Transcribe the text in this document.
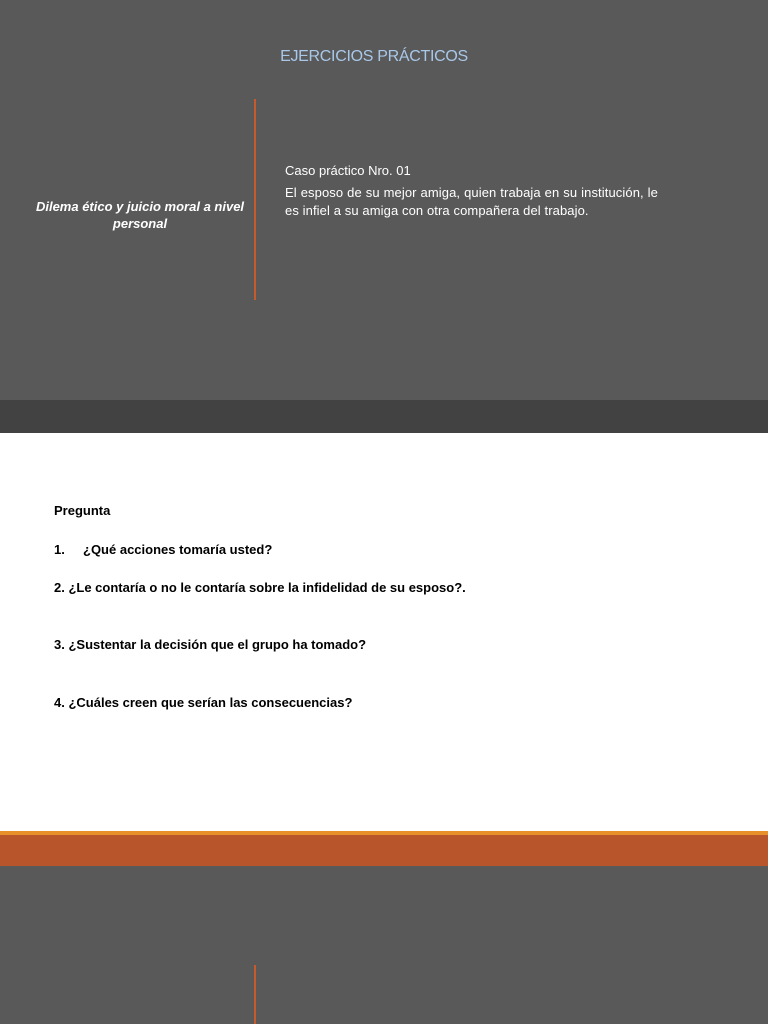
EJERCICIOS PRÁCTICOS
Dilema ético y juicio moral a nivel personal

Caso práctico Nro. 01

El esposo de su mejor amiga, quien trabaja en su institución, le es infiel a su amiga con otra compañera del trabajo.

Pregunta
1. ¿Qué acciones tomaría usted?
2. ¿Le contaría o no le contaría sobre la infidelidad de su esposo?.
3. ¿Sustentar la decisión que el grupo ha tomado?
4. ¿Cuáles creen que serían las consecuencias?
